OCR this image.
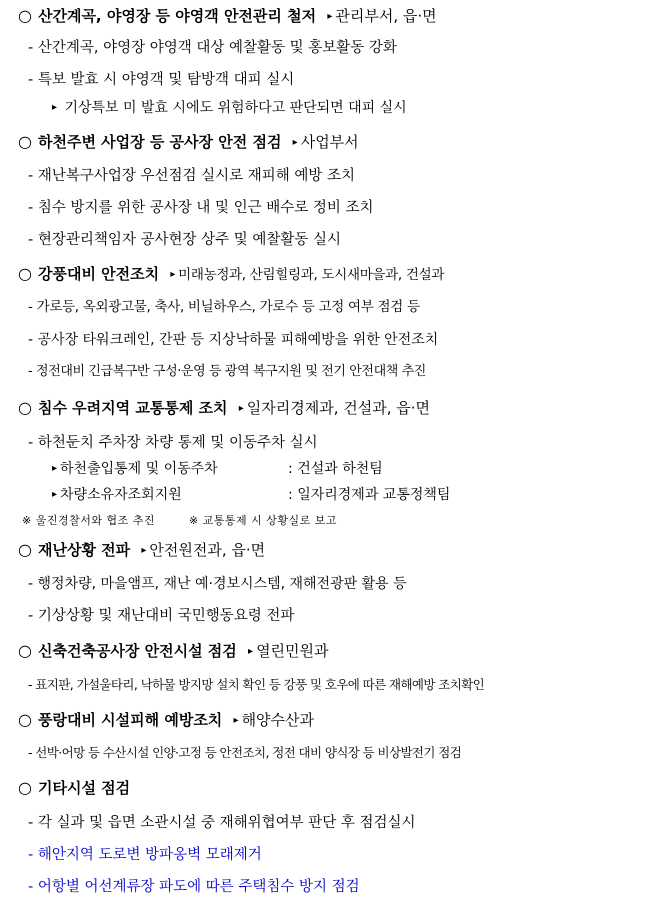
○ 산간계곡, 야영장 등 야영객 안전관리 철저 ▸ 관리부서, 읍·면
- 산간계곡, 야영장 야영객 대상 예찰활동 및 홍보활동 강화
- 특보 발효 시 야영객 및 탐방객 대피 실시
▸ 기상특보 미 발효 시에도 위험하다고 판단되면 대피 실시
○ 하천주변 사업장 등 공사장 안전 점검 ▸ 사업부서
- 재난복구사업장 우선점검 실시로 재피해 예방 조치
- 침수 방지를 위한 공사장 내 및 인근 배수로 정비 조치
- 현장관리책임자 공사현장 상주 및 예찰활동 실시
○ 강풍대비 안전조치 ▸ 미래농정과, 산림힐링과, 도시새마을과, 건설과
- 가로등, 옥외광고물, 축사, 비닐하우스, 가로수 등 고정 여부 점검 등
- 공사장 타워크레인, 간판 등 지상낙하물 피해예방을 위한 안전조치
- 정전대비 긴급복구반 구성·운영 등 광역 복구지원 및 전기 안전대책 추진
○ 침수 우려지역 교통통제 조치 ▸ 일자리경제과, 건설과, 읍·면
- 하천둔치 주차장 차량 통제 및 이동주차 실시
▸ 하천출입통제 및 이동주차	: 건설과 하천팀
▸ 차량소유자조회지원	: 일자리경제과 교통정책팀
※ 울진경찰서와 협조 추진	※ 교통통제 시 상황실로 보고
○ 재난상황 전파 ▸ 안전원전과, 읍·면
- 행정차량, 마을앰프, 재난 예·경보시스템, 재해전광판 활용 등
- 기상상황 및 재난대비 국민행동요령 전파
○ 신축건축공사장 안전시설 점검 ▸ 열린민원과
- 표지판, 가설울타리, 낙하물 방지망 설치 확인 등 강풍 및 호우에 따른 재해예방 조치확인
○ 풍랑대비 시설피해 예방조치 ▸ 해양수산과
- 선박·어망 등 수산시설 인양·고정 등 안전조치, 정전 대비 양식장 등 비상발전기 점검
○ 기타시설 점검
- 각 실과 및 읍면 소관시설 중 재해위협여부 판단 후 점검실시
- 해안지역 도로변 방파옹벽 모래제거
- 어항별 어선계류장 파도에 따른 주택침수 방지 점검
